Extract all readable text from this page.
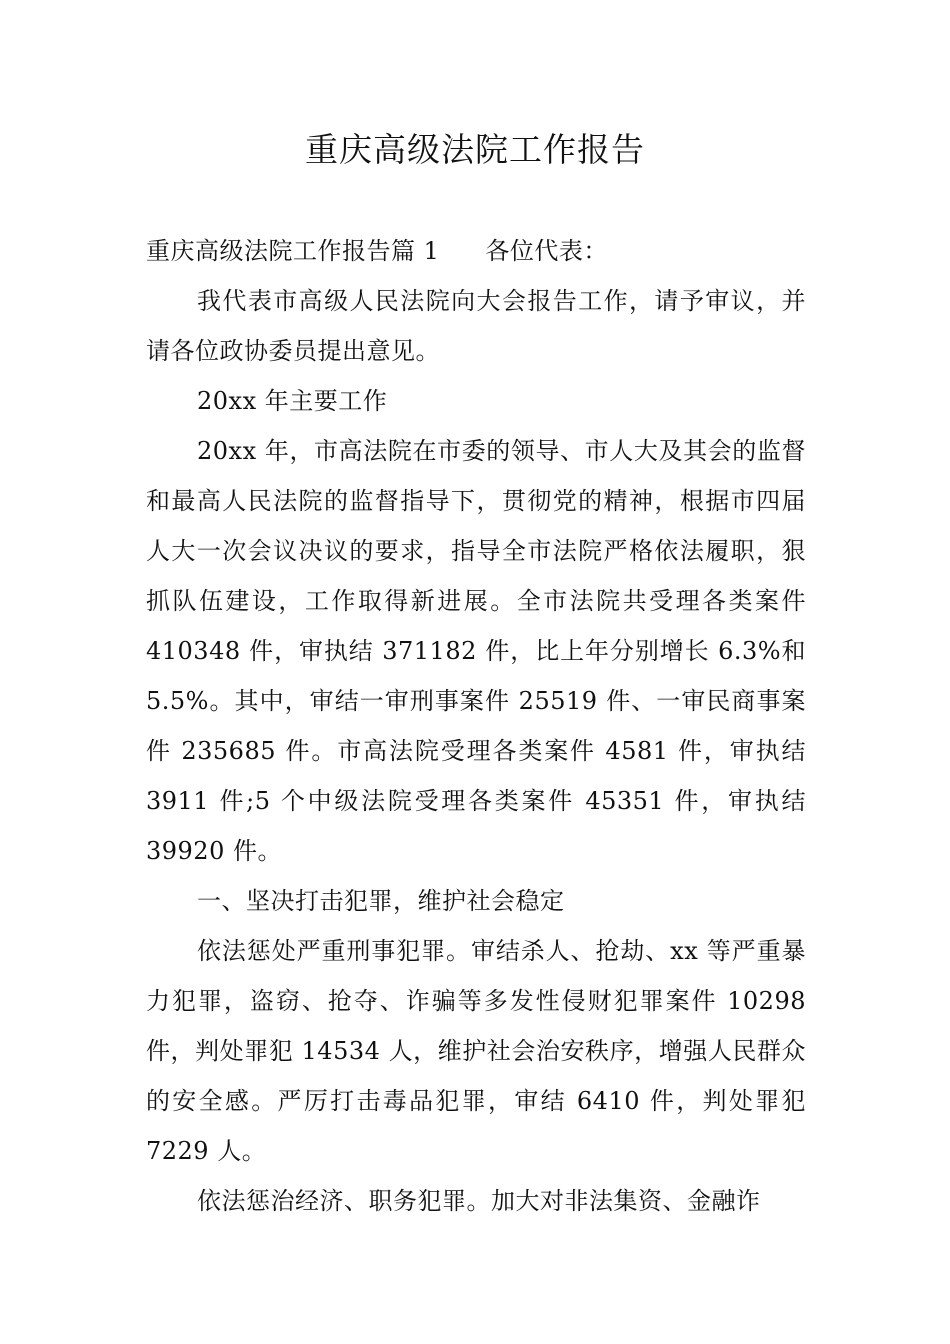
重庆高级法院工作报告

重庆高级法院工作报告篇 1 各位代表：

我代表市高级人民法院向大会报告工作，请予审议，并请各位政协委员提出意见。

20xx 年主要工作

20xx 年，市高法院在市委的领导、市人大及其会的监督和最高人民法院的监督指导下，贯彻党的精神，根据市四届人大一次会议决议的要求，指导全市法院严格依法履职，狠抓队伍建设，工作取得新进展。全市法院共受理各类案件 410348 件，审执结 371182 件，比上年分别增长 6.3%和 5.5%。其中，审结一审刑事案件 25519 件、一审民商事案件 235685 件。市高法院受理各类案件 4581 件，审执结 3911 件;5 个中级法院受理各类案件 45351 件，审执结 39920 件。

一、坚决打击犯罪，维护社会稳定

依法惩处严重刑事犯罪。审结杀人、抢劫、xx 等严重暴力犯罪，盗窃、抢夺、诈骗等多发性侵财犯罪案件 10298 件，判处罪犯 14534 人，维护社会治安秩序，增强人民群众的安全感。严厉打击毒品犯罪，审结 6410 件，判处罪犯 7229 人。

依法惩治经济、职务犯罪。加大对非法集资、金融诈
